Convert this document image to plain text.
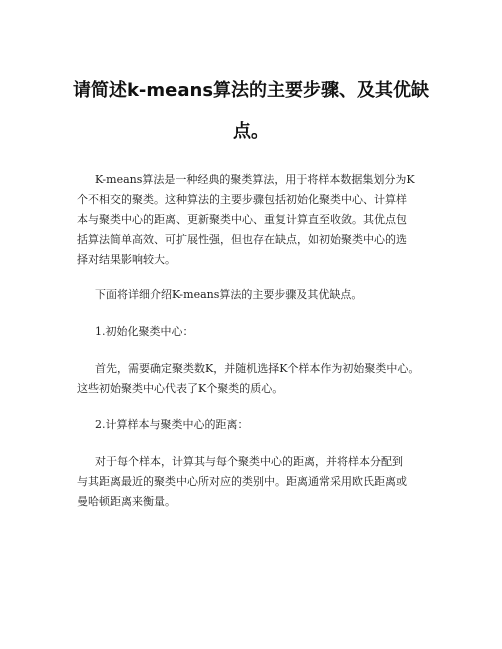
请简述k-means算法的主要步骤、及其优缺
点。
K-means算法是一种经典的聚类算法，用于将样本数据集划分为K
个不相交的聚类。这种算法的主要步骤包括初始化聚类中心、计算样
本与聚类中心的距离、更新聚类中心、重复计算直至收敛。其优点包
括算法简单高效、可扩展性强，但也存在缺点，如初始聚类中心的选
择对结果影响较大。
下面将详细介绍K-means算法的主要步骤及其优缺点。
1.初始化聚类中心：
首先，需要确定聚类数K，并随机选择K个样本作为初始聚类中心。
这些初始聚类中心代表了K个聚类的质心。
2.计算样本与聚类中心的距离：
对于每个样本，计算其与每个聚类中心的距离，并将样本分配到
与其距离最近的聚类中心所对应的类别中。距离通常采用欧氏距离或
曼哈顿距离来衡量。
